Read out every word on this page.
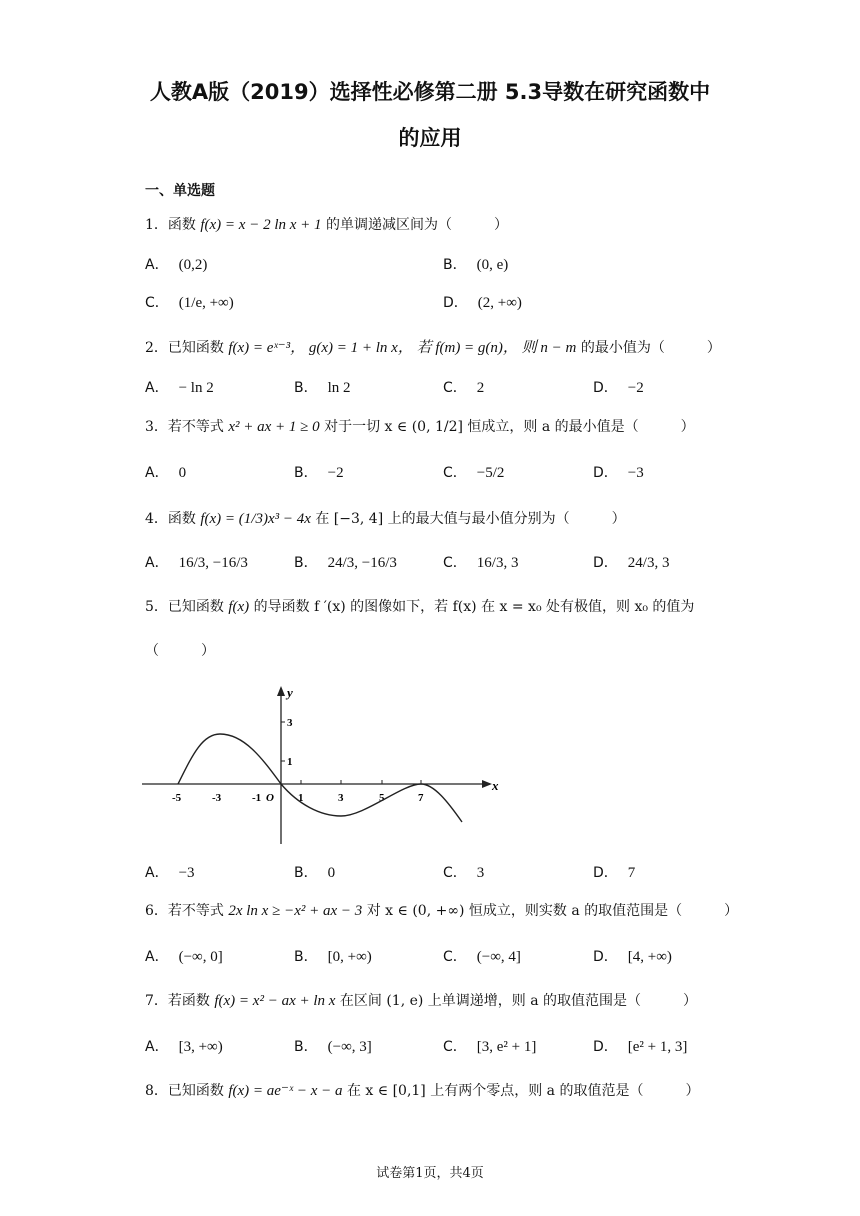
人教A版（2019）选择性必修第二册 5.3导数在研究函数中
的应用
一、单选题
1．函数 f(x) = x − 2 ln x + 1 的单调递减区间为（　　　）
A． (0,2)	B． (0, e)
C． (1/e, +∞)	D． (2, +∞)
2．已知函数 f(x) = eˣ⁻³， g(x) = 1 + ln x， 若 f(m) = g(n)， 则 n − m 的最小值为（　　　）
A． − ln 2	B． ln 2	C． 2	D． −2
3．若不等式 x² + ax + 1 ≥ 0 对于一切 x ∈ (0, 1/2] 恒成立，则 a 的最小值是（　　　）
A． 0	B． −2	C． −5/2	D． −3
4．函数 f(x) = (1/3)x³ − 4x 在 [−3, 4] 上的最大值与最小值分别为（　　　）
A． 16/3, −16/3	B． 24/3, −16/3	C． 16/3, 3	D． 24/3, 3
5．已知函数 f(x) 的导函数 f ′(x) 的图像如下，若 f(x) 在 x = x₀ 处有极值，则 x₀ 的值为
（　　　）
y
x
3
1
-5	-3	-1 O 1	3	5	7
A． −3	B． 0	C． 3	D． 7
6．若不等式 2x ln x ≥ −x² + ax − 3 对 x ∈ (0, +∞) 恒成立，则实数 a 的取值范围是（　　　）
A． (−∞, 0]	B． [0, +∞)	C． (−∞, 4]	D． [4, +∞)
7．若函数 f(x) = x² − ax + ln x 在区间 (1, e) 上单调递增，则 a 的取值范围是（　　　）
A． [3, +∞)	B． (−∞, 3]	C． [3, e² + 1]	D． [e² + 1, 3]
8．已知函数 f(x) = ae⁻ˣ − x − a 在 x ∈ [0,1] 上有两个零点，则 a 的取值范是（　　　）
试卷第1页，共4页
